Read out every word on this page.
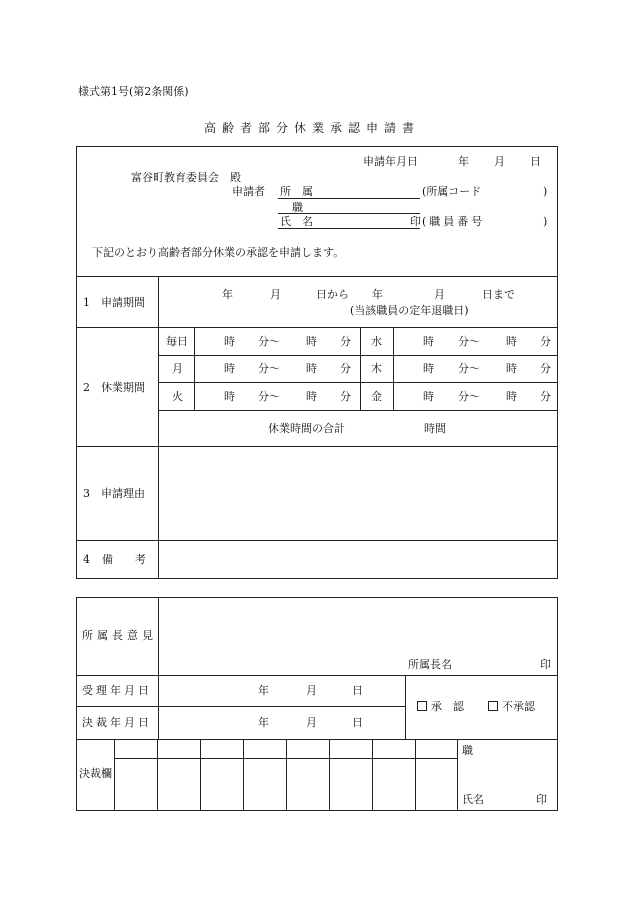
様式第1号(第2条関係)
高齢者部分休業承認申請書
申請年月日	年 月 日
富谷町教育委員会　殿
申請者 所　属	(所属コード	)
職
氏　名	印 (職員番号	)
下記のとおり高齢者部分休業の承認を申請します。
1　申請期間
年	月	日から 年	月	日まで
(当該職員の定年退職日)
2　休業期間
毎日	時 分～ 時 分 水	時 分～ 時 分
月	時 分～ 時 分 木	時 分～ 時 分
火	時 分～ 時 分 金	時 分～ 時 分
休業時間の合計	時間
3　申請理由
4 備　　考
所属長意見
所属長名	印
受理年月日	年	月	日
決裁年月日	年	月	日
承　認	不承認
決裁欄
職
氏名	印
